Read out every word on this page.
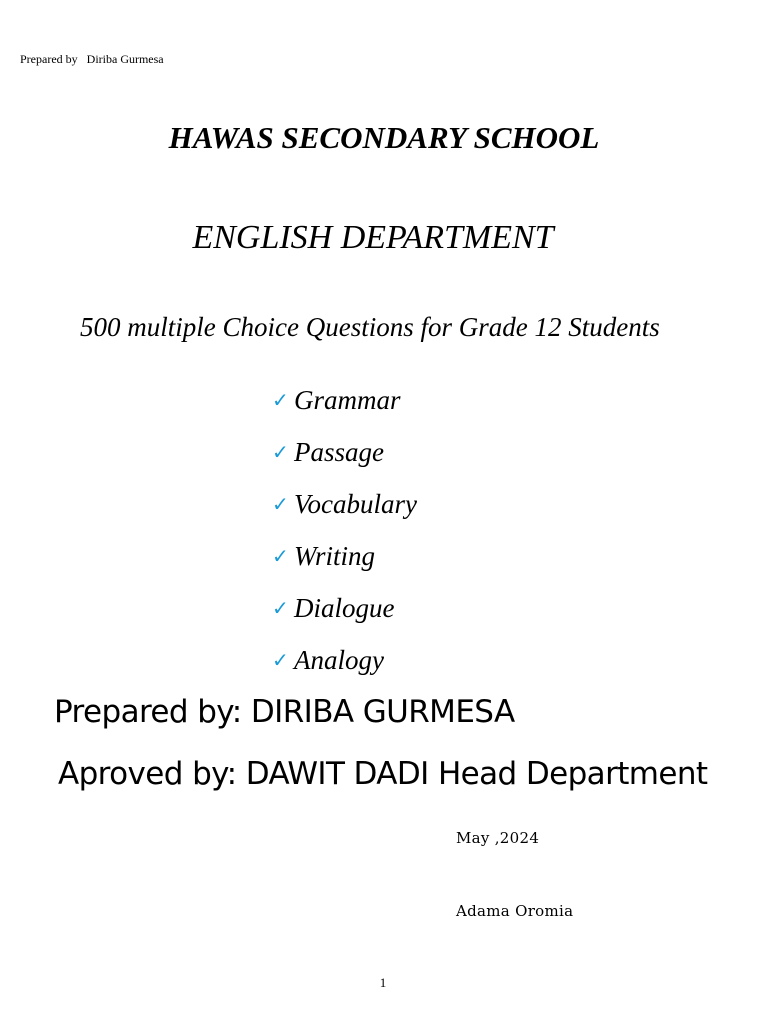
Prepared by Diriba Gurmesa
HAWAS SECONDARY SCHOOL
ENGLISH DEPARTMENT
500 multiple Choice Questions for Grade 12 Students
✓ Grammar
✓ Passage
✓ Vocabulary
✓ Writing
✓ Dialogue
✓ Analogy
Prepared by: DIRIBA GURMESA
Aproved by: DAWIT DADI Head Department
May ,2024
Adama Oromia
1
